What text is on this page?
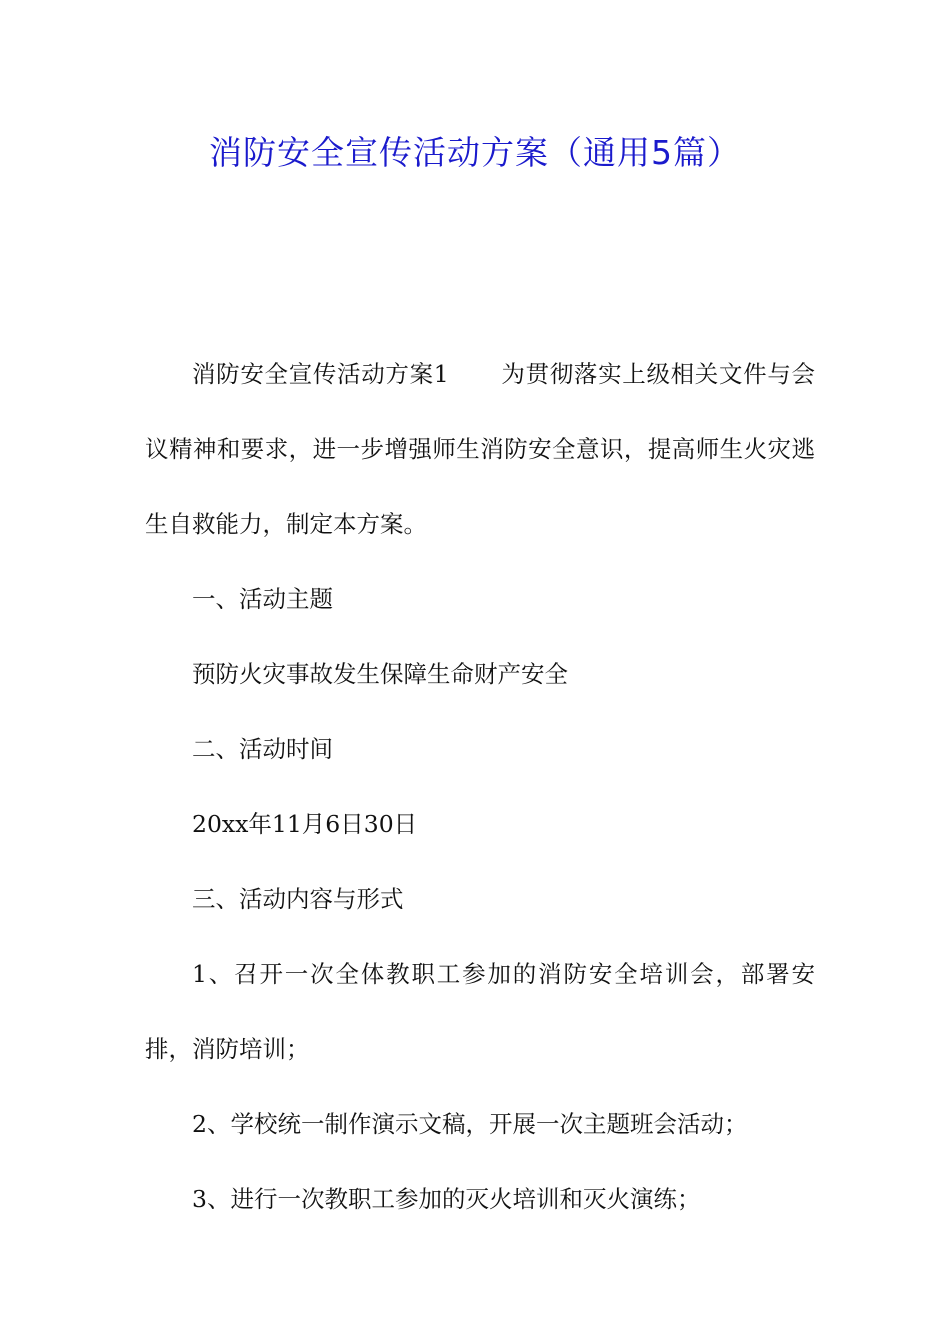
消防安全宣传活动方案（通用5篇）

消防安全宣传活动方案1 为贯彻落实上级相关文件与会议精神和要求，进一步增强师生消防安全意识，提高师生火灾逃生自救能力，制定本方案。

一、活动主题

预防火灾事故发生保障生命财产安全

二、活动时间

20xx年11月6日30日

三、活动内容与形式

1、召开一次全体教职工参加的消防安全培训会，部署安排，消防培训；

2、学校统一制作演示文稿，开展一次主题班会活动；

3、进行一次教职工参加的灭火培训和灭火演练；
